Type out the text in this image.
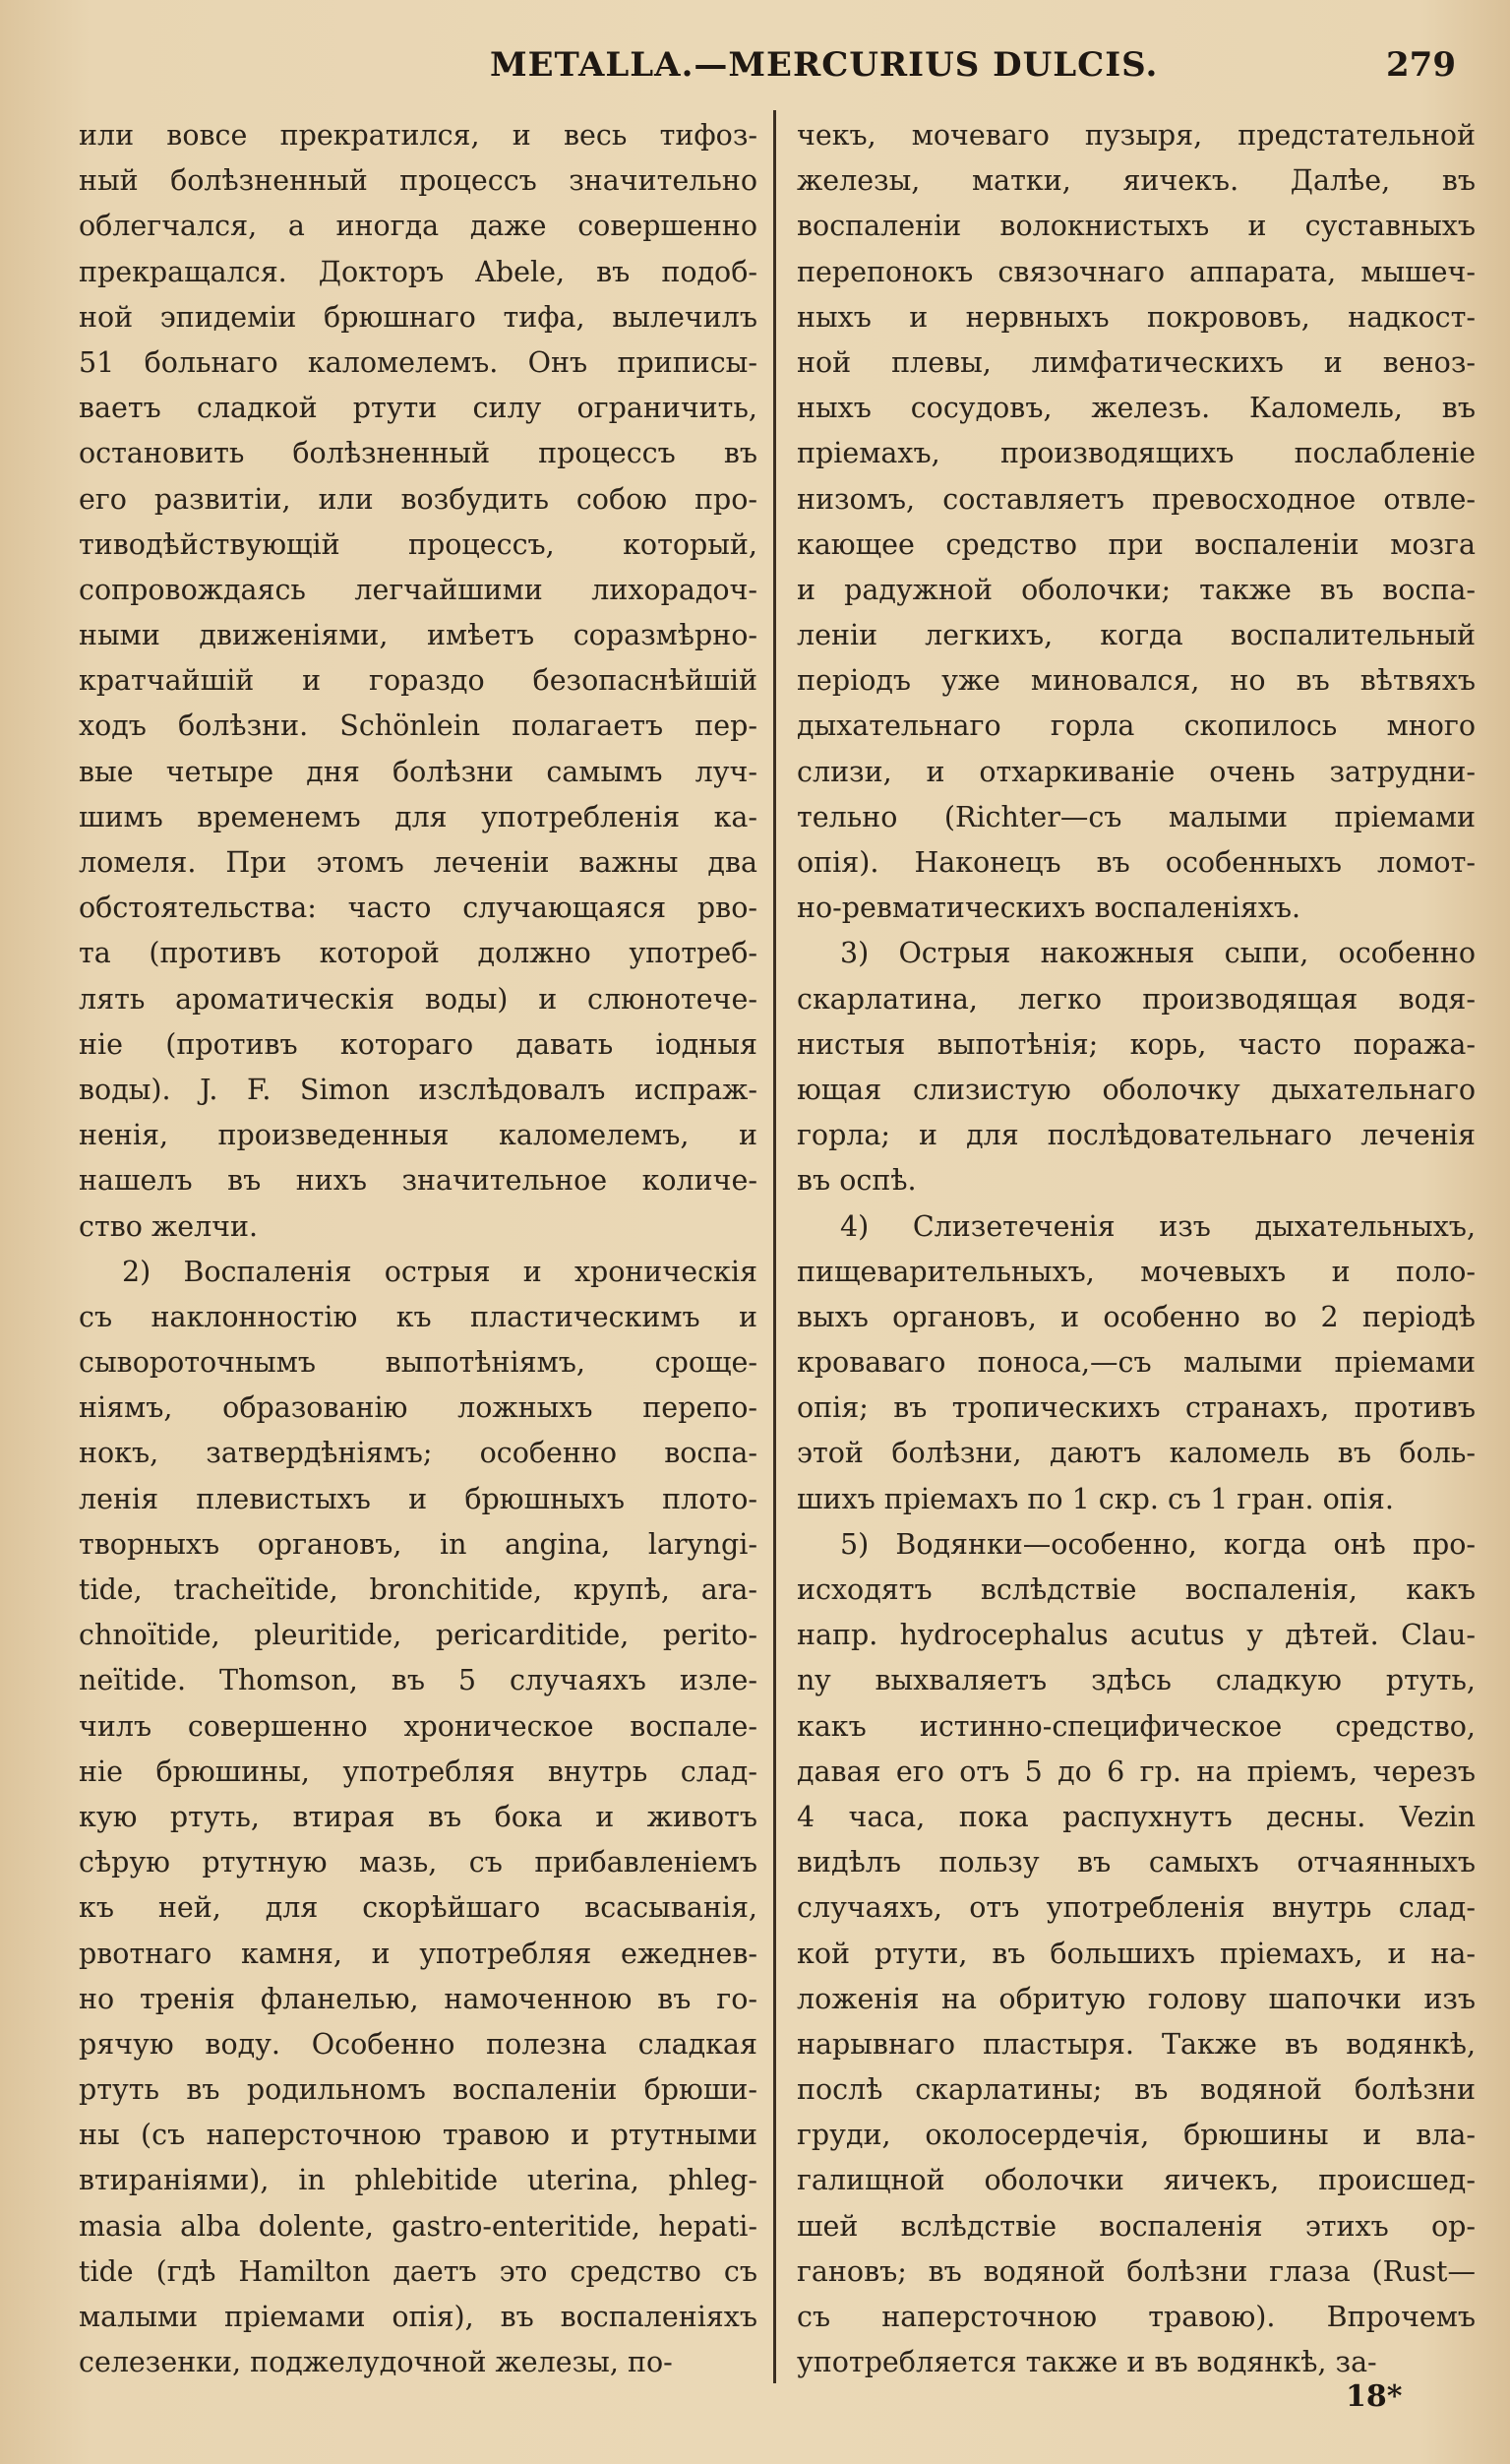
METALLA.—MERCURIUS DULCIS.	279
или вовсе прекратился, и весь тифоз-
ный болѣзненный процессъ значительно
облегчался, а иногда даже совершенно
прекращался. Докторъ Abele, въ подоб-
ной эпидеміи брюшнаго тифа, вылечилъ
51 больнаго каломелемъ. Онъ приписы-
ваетъ сладкой ртути силу ограничить,
остановить болѣзненный процессъ въ
его развитіи, или возбудить собою про-
тиводѣйствующій процессъ, который,
сопровождаясь легчайшими лихорадоч-
ными движеніями, имѣетъ соразмѣрно-
кратчайшій и гораздо безопаснѣйшій
ходъ болѣзни. Schönlein полагаетъ пер-
вые четыре дня болѣзни самымъ луч-
шимъ временемъ для употребленія ка-
ломеля. При этомъ леченіи важны два
обстоятельства: часто случающаяся рво-
та (противъ которой должно употреб-
лять ароматическія воды) и слюнотече-
ніе (противъ котораго давать іодныя
воды). J. F. Simon изслѣдовалъ испраж-
ненія, произведенныя каломелемъ, и
нашелъ въ нихъ значительное количе-
ство желчи.
2) Воспаленія острыя и хроническія
съ наклонностію къ пластическимъ и
сывороточнымъ выпотѣніямъ, сроще-
ніямъ, образованію ложныхъ перепо-
нокъ, затвердѣніямъ; особенно воспа-
ленія плевистыхъ и брюшныхъ плото-
творныхъ органовъ, in angina, laryngi-
tide, tracheïtide, bronchitide, крупѣ, ara-
chnoïtide, pleuritide, pericarditide, perito-
neïtide. Thomson, въ 5 случаяхъ изле-
чилъ совершенно хроническое воспале-
ніе брюшины, употребляя внутрь слад-
кую ртуть, втирая въ бока и животъ
сѣрую ртутную мазь, съ прибавленіемъ
къ ней, для скорѣйшаго всасыванія,
рвотнаго камня, и употребляя ежеднев-
но тренія фланелью, намоченною въ го-
рячую воду. Особенно полезна сладкая
ртуть въ родильномъ воспаленіи брюши-
ны (съ наперсточною травою и ртутными
втираніями), in phlebitide uterina, phleg-
masia alba dolente, gastro-enteritide, hepati-
tide (гдѣ Hamilton даетъ это средство съ
малыми пріемами опія), въ воспаленіяхъ
селезенки, поджелудочной железы, по-
чекъ, мочеваго пузыря, предстательной
железы, матки, яичекъ. Далѣе, въ
воспаленіи волокнистыхъ и суставныхъ
перепонокъ связочнаго аппарата, мышеч-
ныхъ и нервныхъ покрововъ, надкост-
ной плевы, лимфатическихъ и веноз-
ныхъ сосудовъ, железъ. Каломель, въ
пріемахъ, производящихъ послабленіе
низомъ, составляетъ превосходное отвле-
кающее средство при воспаленіи мозга
и радужной оболочки; также въ воспа-
леніи легкихъ, когда воспалительный
періодъ уже миновался, но въ вѣтвяхъ
дыхательнаго горла скопилось много
слизи, и отхаркиваніе очень затрудни-
тельно (Richter—съ малыми пріемами
опія). Наконецъ въ особенныхъ ломот-
но-ревматическихъ воспаленіяхъ.
3) Острыя накожныя сыпи, особенно
скарлатина, легко производящая водя-
нистыя выпотѣнія; корь, часто поража-
ющая слизистую оболочку дыхательнаго
горла; и для послѣдовательнаго леченія
въ оспѣ.
4) Слизетеченія изъ дыхательныхъ,
пищеварительныхъ, мочевыхъ и поло-
выхъ органовъ, и особенно во 2 періодѣ
кроваваго поноса,—съ малыми пріемами
опія; въ тропическихъ странахъ, противъ
этой болѣзни, даютъ каломель въ боль-
шихъ пріемахъ по 1 скр. съ 1 гран. опія.
5) Водянки—особенно, когда онѣ про-
исходятъ вслѣдствіе воспаленія, какъ
напр. hydrocephalus acutus у дѣтей. Clau-
ny выхваляетъ здѣсь сладкую ртуть,
какъ истинно-специфическое средство,
давая его отъ 5 до 6 гр. на пріемъ, черезъ
4 часа, пока распухнутъ десны. Vezin
видѣлъ пользу въ самыхъ отчаянныхъ
случаяхъ, отъ употребленія внутрь слад-
кой ртути, въ большихъ пріемахъ, и на-
ложенія на обритую голову шапочки изъ
нарывнаго пластыря. Также въ водянкѣ,
послѣ скарлатины; въ водяной болѣзни
груди, околосердечія, брюшины и вла-
галищной оболочки яичекъ, происшед-
шей вслѣдствіе воспаленія этихъ ор-
гановъ; въ водяной болѣзни глаза (Rust—
съ наперсточною травою). Впрочемъ
употребляется также и въ водянкѣ, за-
18*
